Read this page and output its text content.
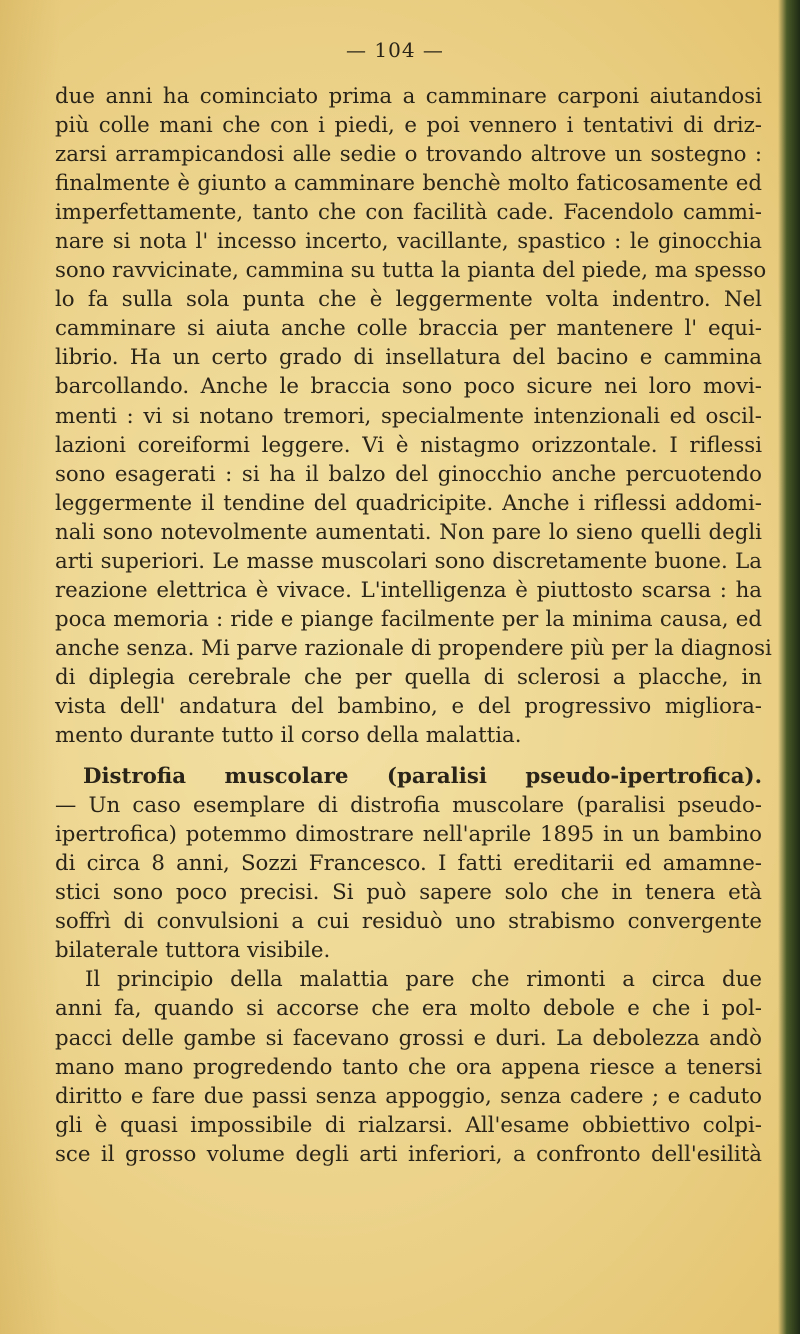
— 104 —
due anni ha cominciato prima a camminare carponi aiutandosi
più colle mani che con i piedi, e poi vennero i tentativi di driz-
zarsi arrampicandosi alle sedie o trovando altrove un sostegno :
finalmente è giunto a camminare benchè molto faticosamente ed
imperfettamente, tanto che con facilità cade. Facendolo cammi-
nare si nota l' incesso incerto, vacillante, spastico : le ginocchia
sono ravvicinate, cammina su tutta la pianta del piede, ma spesso
lo fa sulla sola punta che è leggermente volta indentro. Nel
camminare si aiuta anche colle braccia per mantenere l' equi-
librio. Ha un certo grado di insellatura del bacino e cammina
barcollando. Anche le braccia sono poco sicure nei loro movi-
menti : vi si notano tremori, specialmente intenzionali ed oscil-
lazioni coreiformi leggere. Vi è nistagmo orizzontale. I riflessi
sono esagerati : si ha il balzo del ginocchio anche percuotendo
leggermente il tendine del quadricipite. Anche i riflessi addomi-
nali sono notevolmente aumentati. Non pare lo sieno quelli degli
arti superiori. Le masse muscolari sono discretamente buone. La
reazione elettrica è vivace. L'intelligenza è piuttosto scarsa : ha
poca memoria : ride e piange facilmente per la minima causa, ed
anche senza. Mi parve razionale di propendere più per la diagnosi
di diplegia cerebrale che per quella di sclerosi a placche, in
vista dell' andatura del bambino, e del progressivo migliora-
mento durante tutto il corso della malattia.
Distrofia muscolare (paralisi pseudo-ipertrofica).
— Un caso esemplare di distrofia muscolare (paralisi pseudo-
ipertrofica) potemmo dimostrare nell'aprile 1895 in un bambino
di circa 8 anni, Sozzi Francesco. I fatti ereditarii ed amamne-
stici sono poco precisi. Si può sapere solo che in tenera età
soffrì di convulsioni a cui residuò uno strabismo convergente
bilaterale tuttora visibile.
Il principio della malattia pare che rimonti a circa due
anni fa, quando si accorse che era molto debole e che i pol-
pacci delle gambe si facevano grossi e duri. La debolezza andò
mano mano progredendo tanto che ora appena riesce a tenersi
diritto e fare due passi senza appoggio, senza cadere ; e caduto
gli è quasi impossibile di rialzarsi. All'esame obbiettivo colpi-
sce il grosso volume degli arti inferiori, a confronto dell'esilità
